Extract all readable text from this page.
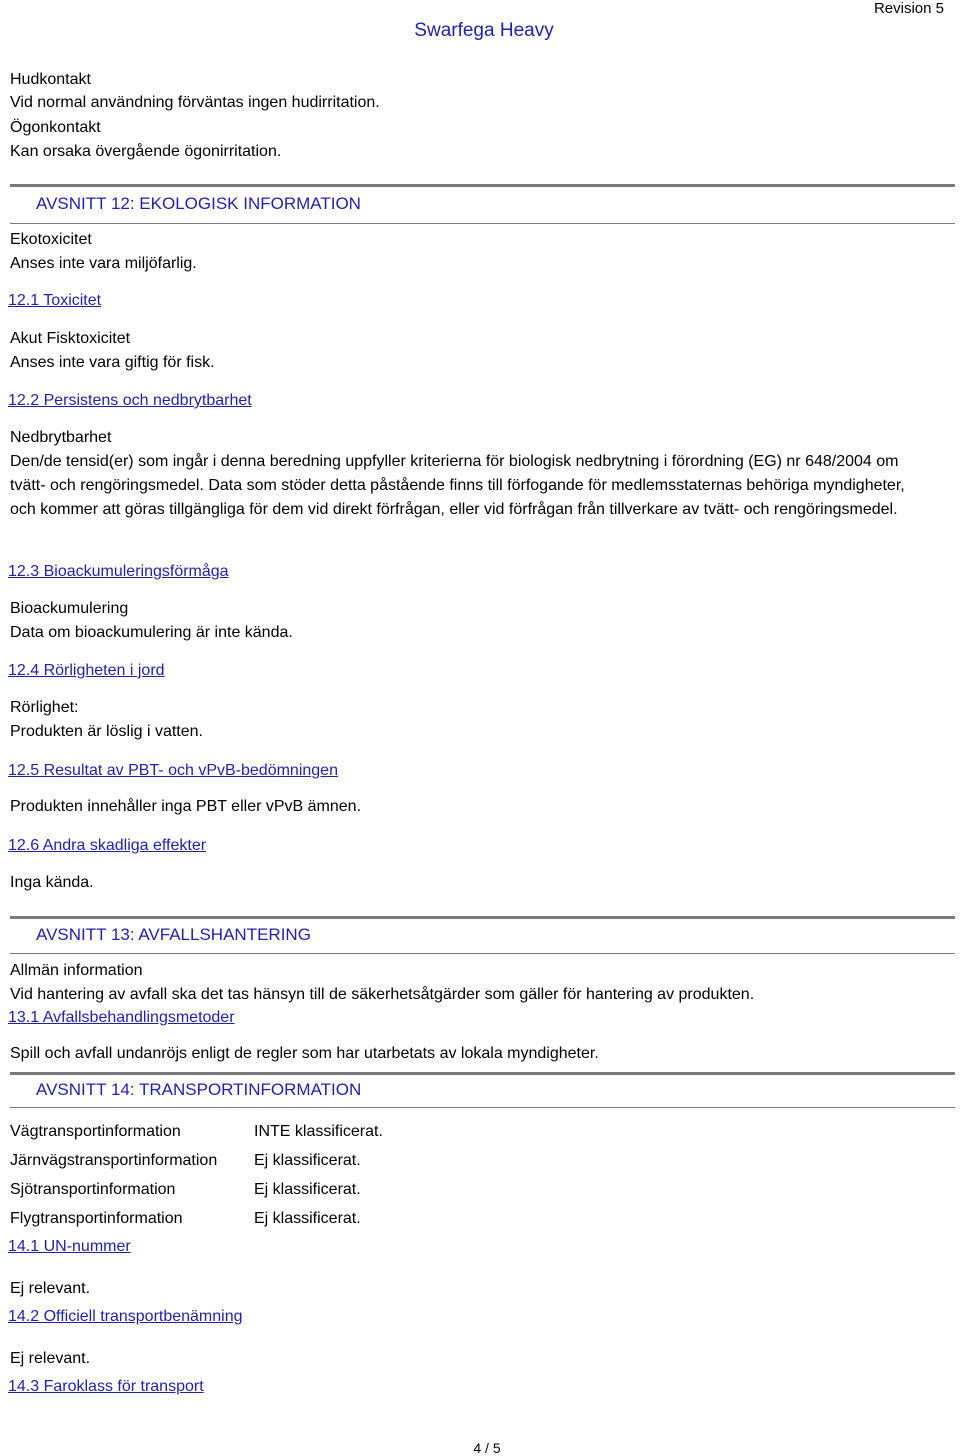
Swarfega Heavy
Revision 5
Hudkontakt
Vid normal användning förväntas ingen hudirritation.
Ögonkontakt
Kan orsaka övergående ögonirritation.
AVSNITT 12: EKOLOGISK INFORMATION
Ekotoxicitet
Anses inte vara miljöfarlig.
12.1 Toxicitet
Akut Fisktoxicitet
Anses inte vara giftig för fisk.
12.2 Persistens och nedbrytbarhet
Nedbrytbarhet
Den/de tensid(er) som ingår i denna beredning uppfyller kriterierna för biologisk nedbrytning i förordning (EG) nr 648/2004 om tvätt- och rengöringsmedel. Data som stöder detta påstående finns till förfogande för medlemsstaternas behöriga myndigheter, och kommer att göras tillgängliga för dem vid direkt förfrågan, eller vid förfrågan från tillverkare av tvätt- och rengöringsmedel.
12.3 Bioackumuleringsförmåga
Bioackumulering
Data om bioackumulering är inte kända.
12.4 Rörligheten i jord
Rörlighet:
Produkten är löslig i vatten.
12.5 Resultat av PBT- och vPvB-bedömningen
Produkten innehåller inga PBT eller vPvB ämnen.
12.6 Andra skadliga effekter
Inga kända.
AVSNITT 13: AVFALLSHANTERING
Allmän information
Vid hantering av avfall ska det tas hänsyn till de säkerhetsåtgärder som gäller för hantering av produkten.
13.1 Avfallsbehandlingsmetoder
Spill och avfall undanröjs enligt de regler som har utarbetats av lokala myndigheter.
AVSNITT 14: TRANSPORTINFORMATION
Vägtransportinformation	INTE klassificerat.
Järnvägstransportinformation Ej klassificerat.
Sjötransportinformation	Ej klassificerat.
Flygtransportinformation	Ej klassificerat.
14.1 UN-nummer
Ej relevant.
14.2 Officiell transportbenämning
Ej relevant.
14.3 Faroklass för transport
4 / 5
